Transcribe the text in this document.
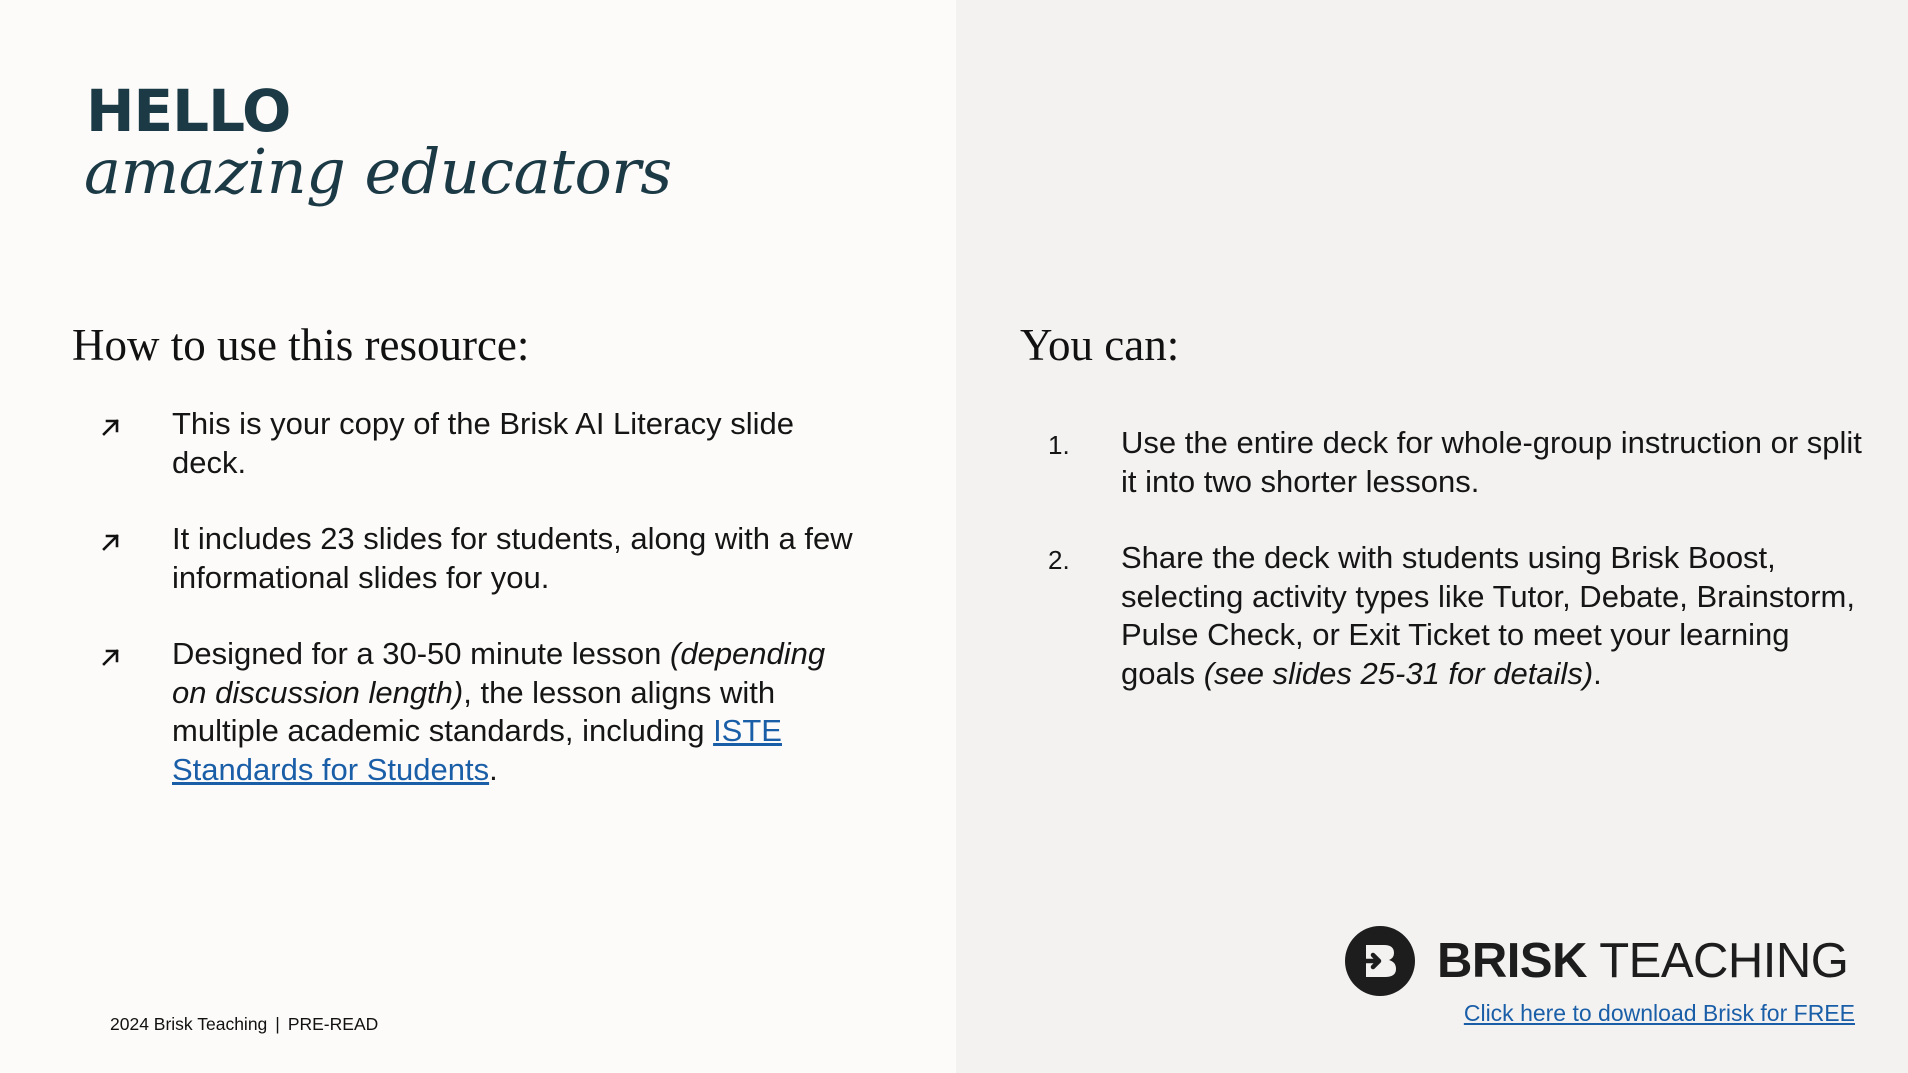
HELLO
amazing educators
How to use this resource:
This is your copy of the Brisk AI Literacy slide deck.
It includes 23 slides for students, along with a few informational slides for you.
Designed for a 30-50 minute lesson (depending on discussion length), the lesson aligns with multiple academic standards, including ISTE Standards for Students.
You can:
1. Use the entire deck for whole-group instruction or split it into two shorter lessons.
2. Share the deck with students using Brisk Boost, selecting activity types like Tutor, Debate, Brainstorm, Pulse Check, or Exit Ticket to meet your learning goals (see slides 25-31 for details).
2024 Brisk Teaching | PRE-READ
BRISK TEACHING
Click here to download Brisk for FREE
